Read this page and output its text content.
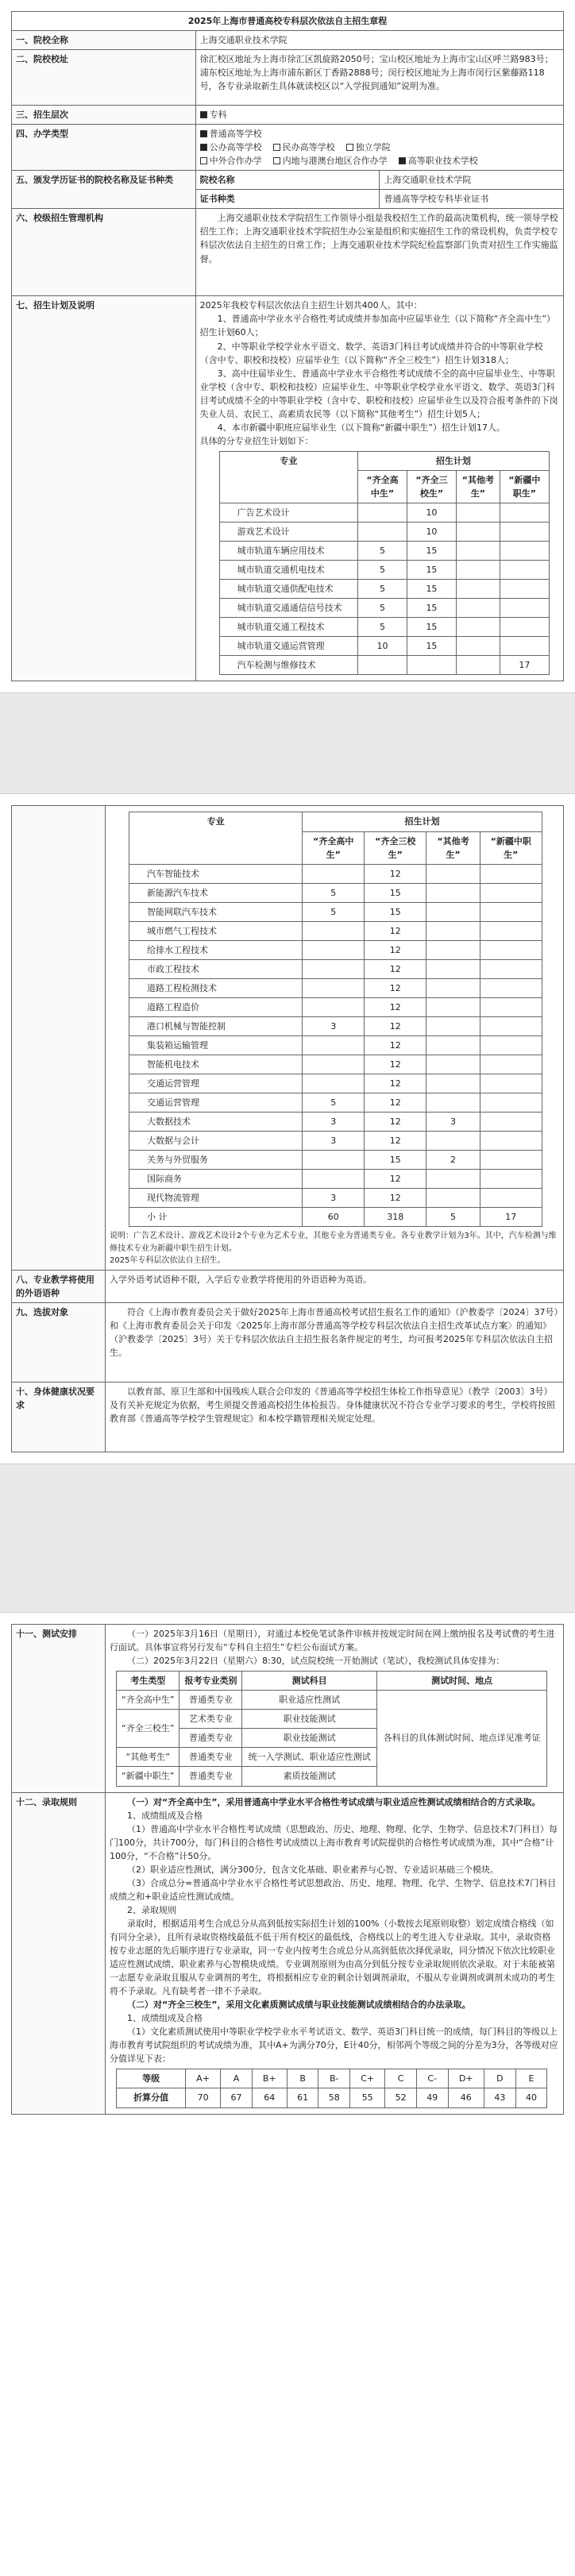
2025年上海市普通高校专科层次依法自主招生章程
一、院校全称	上海交通职业技术学院
二、院校校址	徐汇校区地址为上海市徐汇区凯旋路2050号；宝山校区地址为上海市宝山区呼兰路983号；浦东校区地址为上海市浦东新区丁香路2888号；闵行校区地址为上海市闵行区紫藤路118号，各专业录取新生具体就读校区以“入学报到通知”说明为准。
三、招生层次	专科
四、办学类型	普通高等学校
公办高等学校 民办高等学校 独立学院
中外合作办学 内地与港澳台地区合作办学 高等职业技术学校

五、颁发学历证书的院校名称及证书种类	院校名称	上海交通职业技术学院
证书种类	普通高等学校专科毕业证书
六、校级招生管理机构	上海交通职业技术学院招生工作领导小组是我校招生工作的最高决策机构，统一领导学校招生工作；上海交通职业技术学院招生办公室是组织和实施招生工作的常设机构，负责学校专科层次依法自主招生的日常工作；上海交通职业技术学院纪检监察部门负责对招生工作实施监督。

七、招生计划及说明	2025年我校专科层次依法自主招生计划共400人。其中：

1、普通高中学业水平合格性考试成绩并参加高中应届毕业生（以下简称“齐全高中生”）招生计划60人；

2、中等职业学校学业水平语文、数学、英语3门科目考试成绩并符合的中等职业学校（含中专、职校和技校）应届毕业生（以下简称“齐全三校生”）招生计划318人；

3、高中往届毕业生、普通高中学业水平合格性考试成绩不全的高中应届毕业生、中等职业学校（含中专、职校和技校）应届毕业生、中等职业学校学业水平语文、数学、英语3门科目考试成绩不全的中等职业学校（含中专、职校和技校）应届毕业生以及符合报考条件的下岗失业人员、农民工、高素质农民等（以下简称“其他考生”）招生计划5人；

4、本市新疆中职班应届毕业生（以下简称“新疆中职生”）招生计划17人。

具体的分专业招生计划如下：

专业	招生计划
“齐全高中生”	“齐全三校生”	“其他考生”	“新疆中职生”
广告艺术设计		10		
游戏艺术设计		10		
城市轨道车辆应用技术	5	15		
城市轨道交通机电技术	5	15		
城市轨道交通供配电技术	5	15		
城市轨道交通通信信号技术	5	15		
城市轨道交通工程技术	5	15		
城市轨道交通运营管理	10	15		
汽车检测与维修技术				17

专业	招生计划
“齐全高中生”	“齐全三校生”	“其他考生”	“新疆中职生”
汽车智能技术		12		
新能源汽车技术	5	15		
智能网联汽车技术	5	15		
城市燃气工程技术		12		
给排水工程技术		12		
市政工程技术		12		
道路工程检测技术		12		
道路工程造价		12		
港口机械与智能控制	3	12		
集装箱运输管理		12		
智能机电技术		12		
交通运营管理		12		
交通运营管理	5	12		
大数据技术	3	12	3	
大数据与会计	3	12		
关务与外贸服务		15	2	
国际商务		12		
现代物流管理	3	12		
小 计	60	318	5	17

说明：广告艺术设计、游戏艺术设计2个专业为艺术专业，其他专业为普通类专业。各专业教学计划为3年。其中，汽车检测与维修技术专业为新疆中职生招生计划。

2025年专科层次依法自主招生。

八、专业教学将使用的外语语种	入学外语考试语种不限，入学后专业教学将使用的外语语种为英语。
九、选拔对象	符合《上海市教育委员会关于做好2025年上海市普通高校考试招生报名工作的通知》（沪教委学〔2024〕37号）和《上海市教育委员会关于印发〈2025年上海市部分普通高等学校专科层次依法自主招生改革试点方案〉的通知》（沪教委学〔2025〕3号）关于专科层次依法自主招生报名条件规定的考生，均可报考2025年专科层次依法自主招生。

十、身体健康状况要求	

以教育部、原卫生部和中国残疾人联合会印发的《普通高等学校招生体检工作指导意见》（教学〔2003〕3号）及有关补充规定为依据，考生须提交普通高校招生体检报告。身体健康状况不符合专业学习要求的考生，学校将按照教育部《普通高等学校学生管理规定》和本校学籍管理相关规定处理。

十一、测试安排	（一）2025年3月16日（星期日），对通过本校免笔试条件审核并按规定时间在网上缴纳报名及考试费的考生进行面试。具体事宣将另行发布“专科自主招生”专栏公布面试方案。

（二）2025年3月22日（星期六）8:30，试点院校统一开始测试（笔试），我校测试具体安排为：

考生类型	报考专业类别	测试科目	测试时间、地点
“齐全高中生”	普通类专业	职业适应性测试	各科目的具体测试时间、地点详见准考证
“齐全三校生”	艺术类专业	职业技能测试
普通类专业	职业技能测试
“其他考生”	普通类专业	统一入学测试、职业适应性测试
“新疆中职生”	普通类专业	素质技能测试

十二、录取规则	（一）对“齐全高中生”，采用普通高中学业水平合格性考试成绩与职业适应性测试成绩相结合的方式录取。

1、成绩组成及合格

（1）普通高中学业水平合格性考试成绩（思想政治、历史、地理、物理、化学、生物学、信息技术7门科目）每门100分，共计700分，每门科目的合格性考试成绩以上海市教育考试院提供的合格性考试成绩为准，其中“合格”计100分，“不合格”计50分。

（2）职业适应性测试，满分300分，包含文化基础、职业素养与心智、专业适识基础三个模块。

（3）合成总分=普通高中学业水平合格性考试思想政治、历史、地理、物理、化学、生物学、信息技术7门科目成绩之和+职业适应性测试成绩。

2、录取规则

录取时，根据适用考生合成总分从高到低按实际招生计划的100%（小数按去尾原则取整）划定成绩合格线（如有同分全录），且所有录取资格线最低不低于所有校区的最低线，合格线以上的考生进入专业录取。其中，录取资格按专业志愿的先后顺序进行专业录取，同一专业内按考生合成总分从高到低依次择优录取，同分情况下依次比较职业适应性测试成绩、职业素养与心智模块成绩。专业调剂原则为由高分到低分按专业录取规则依次录取。对于未能被第一志愿专业录取且服从专业调剂的考生，将根据相应专业的剩余计划调剂录取，不服从专业调剂或调剂未成功的考生将不予录取。凡有缺考者一律不予录取。

（二）对“齐全三校生”，采用文化素质测试成绩与职业技能测试成绩相结合的办法录取。

1、成绩组成及合格

（1）文化素质测试使用中等职业学校学业水平考试语文、数学、英语3门科目统一的成绩，每门科目的等级以上海市教育考试院组织的考试成绩为准，其中A+为满分70分，E计40分，相邻两个等级之间的分差为3分，各等级对应分值详见下表：

等级	A+	A	B+	B	B-	C+	C	C-	D+	D	E
折算分值	70	67	64	61	58	55	52	49	46	43	40
